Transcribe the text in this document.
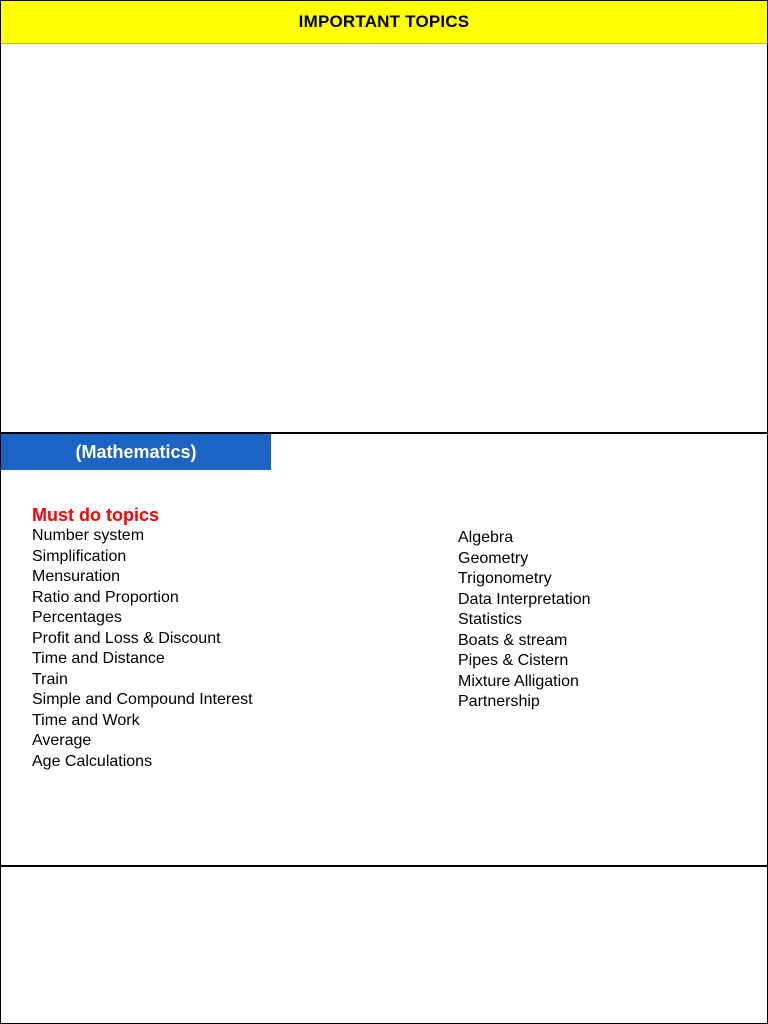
IMPORTANT TOPICS
(Mathematics)
Must do topics
Number system
Simplification
Mensuration
Ratio and Proportion
Percentages
Profit and Loss & Discount
Time and Distance
Train
Simple and Compound Interest
Time and Work
Average
Age Calculations
Algebra
Geometry
Trigonometry
Data Interpretation
Statistics
Boats & stream
Pipes & Cistern
Mixture Alligation
Partnership
